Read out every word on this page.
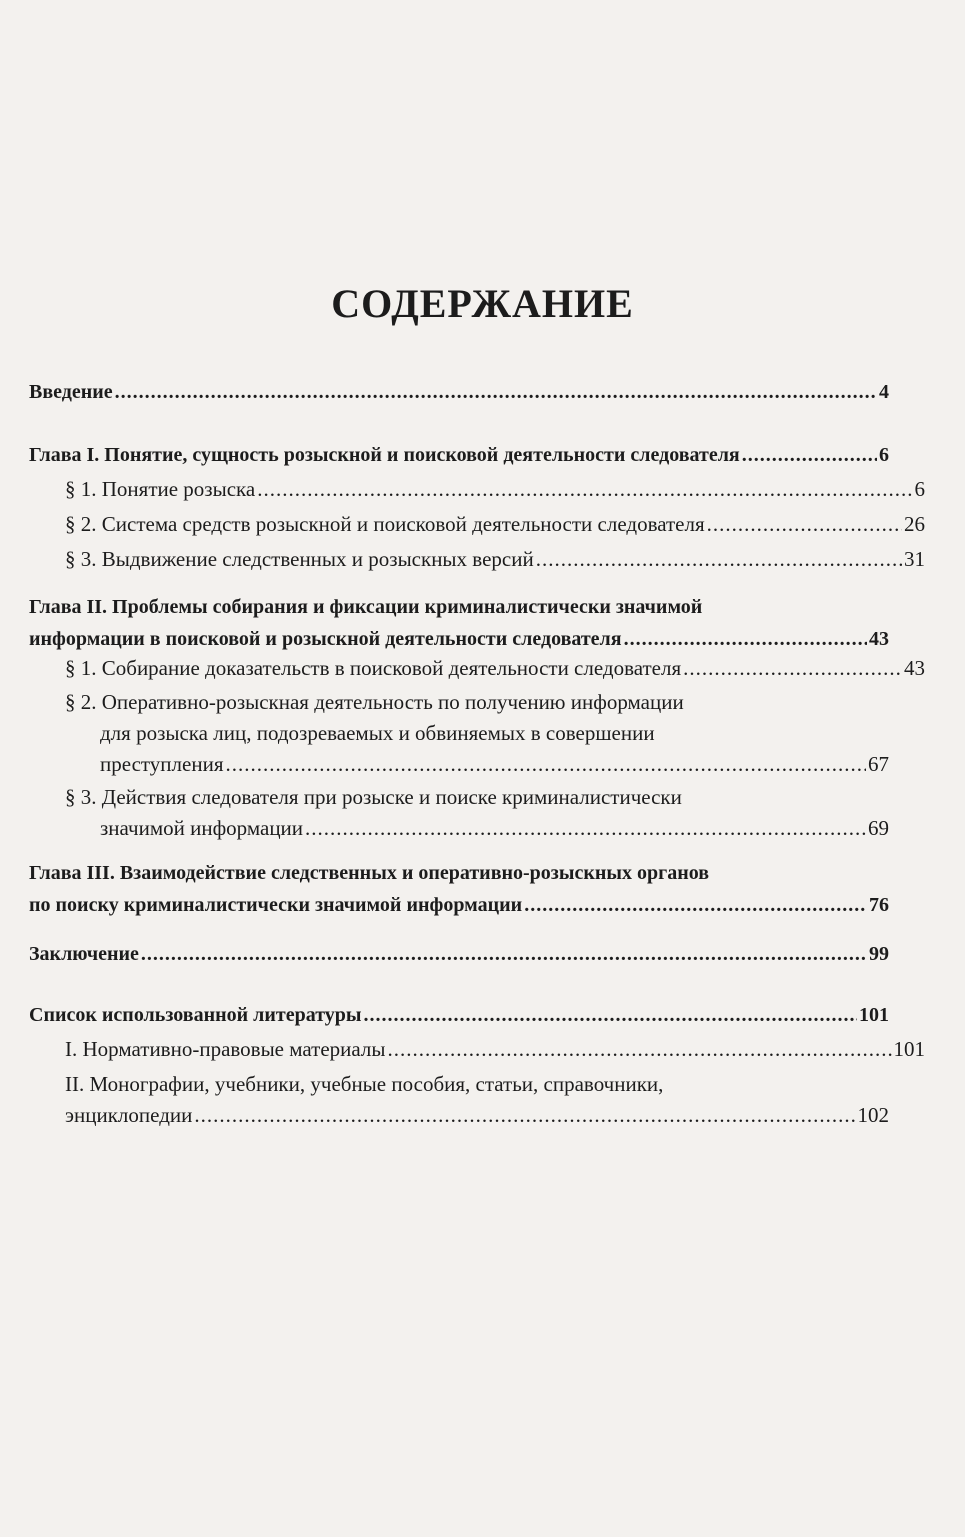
СОДЕРЖАНИЕ
Введение .....	4
Глава I. Понятие, сущность розыскной и поисковой деятельности следователя .....	6
§ 1. Понятие розыска .....	6
§ 2. Система средств розыскной и поисковой деятельности следователя .....	26
§ 3. Выдвижение следственных и розыскных версий .....	31
Глава II. Проблемы собирания и фиксации криминалистически значимой
информации в поисковой и розыскной деятельности следователя .....	43
§ 1. Собирание доказательств в поисковой деятельности следователя .....	43
§ 2. Оперативно-розыскная деятельность по получению информации
для розыска лиц, подозреваемых и обвиняемых в совершении
преступления .....	67
§ 3. Действия следователя при розыске и поиске криминалистически
значимой информации .....	69
Глава III. Взаимодействие следственных и оперативно-розыскных органов
по поиску криминалистически значимой информации .....	76
Заключение .....	99
Список использованной литературы .....	101
I. Нормативно-правовые материалы .....	101
II. Монографии, учебники, учебные пособия, статьи, справочники,
энциклопедии .....	102
